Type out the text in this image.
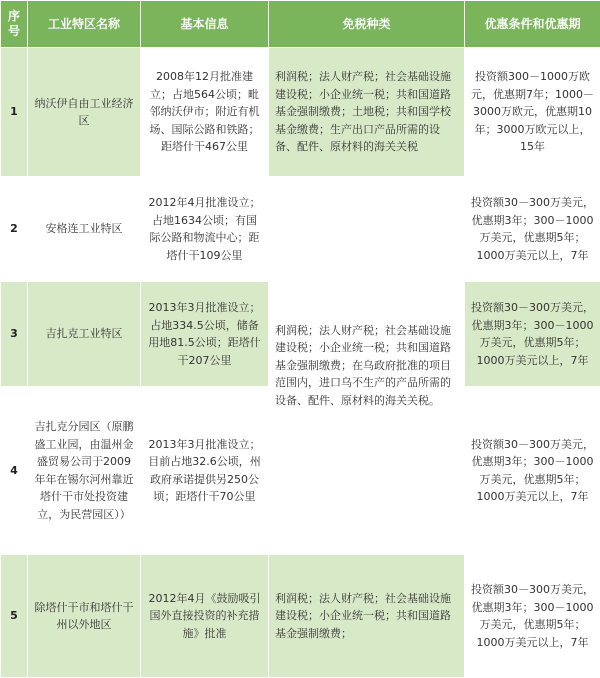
序号	工业特区名称	基本信息	免税种类	优惠条件和优惠期
1	纳沃伊自由工业经济区	2008年12月批准建立；占地564公顷；毗邻纳沃伊市；附近有机场、国际公路和铁路；距塔什干467公里	利润税；法人财产税；社会基础设施建设税；小企业统一税；共和国道路基金强制缴费；土地税；共和国学校基金缴费；生产出口产品所需的设备、配件、原材料的海关关税	投资额300－1000万欧元，优惠期7年；1000－3000万欧元，优惠期10年；3000万欧元以上，15年
2	安格连工业特区	2012年4月批准设立；占地1634公顷；有国际公路和物流中心；距塔什干109公里	利润税；法人财产税；社会基础设施建设税；小企业统一税；共和国道路基金强制缴费；在乌政府批准的项目范围内，进口乌不生产的产品所需的设备、配件、原材料的海关关税。	投资额30－300万美元，优惠期3年；300－1000万美元，优惠期5年；1000万美元以上，7年
3	吉扎克工业特区	2013年3月批准设立；占地334.5公顷，储备用地81.5公顷；距塔什干207公里		投资额30－300万美元，优惠期3年；300－1000万美元，优惠期5年；1000万美元以上，7年
4	吉扎克分园区（原鹏盛工业园，由温州金盛贸易公司于2009年年在锡尔河州靠近塔什干市处投资建立，为民营园区））	2013年3月批准设立；目前占地32.6公顷，州政府承诺提供另250公顷；距塔什干70公里		投资额30－300万美元，优惠期3年；300－1000万美元，优惠期5年；1000万美元以上，7年
5	除塔什干市和塔什干州以外地区	2012年4月《鼓励吸引国外直接投资的补充措施》批准	利润税；法人财产税；社会基础设施建设税；小企业统一税；共和国道路基金强制缴费；	投资额30－300万美元，优惠期3年；300－1000万美元，优惠期5年；1000万美元以上，7年
